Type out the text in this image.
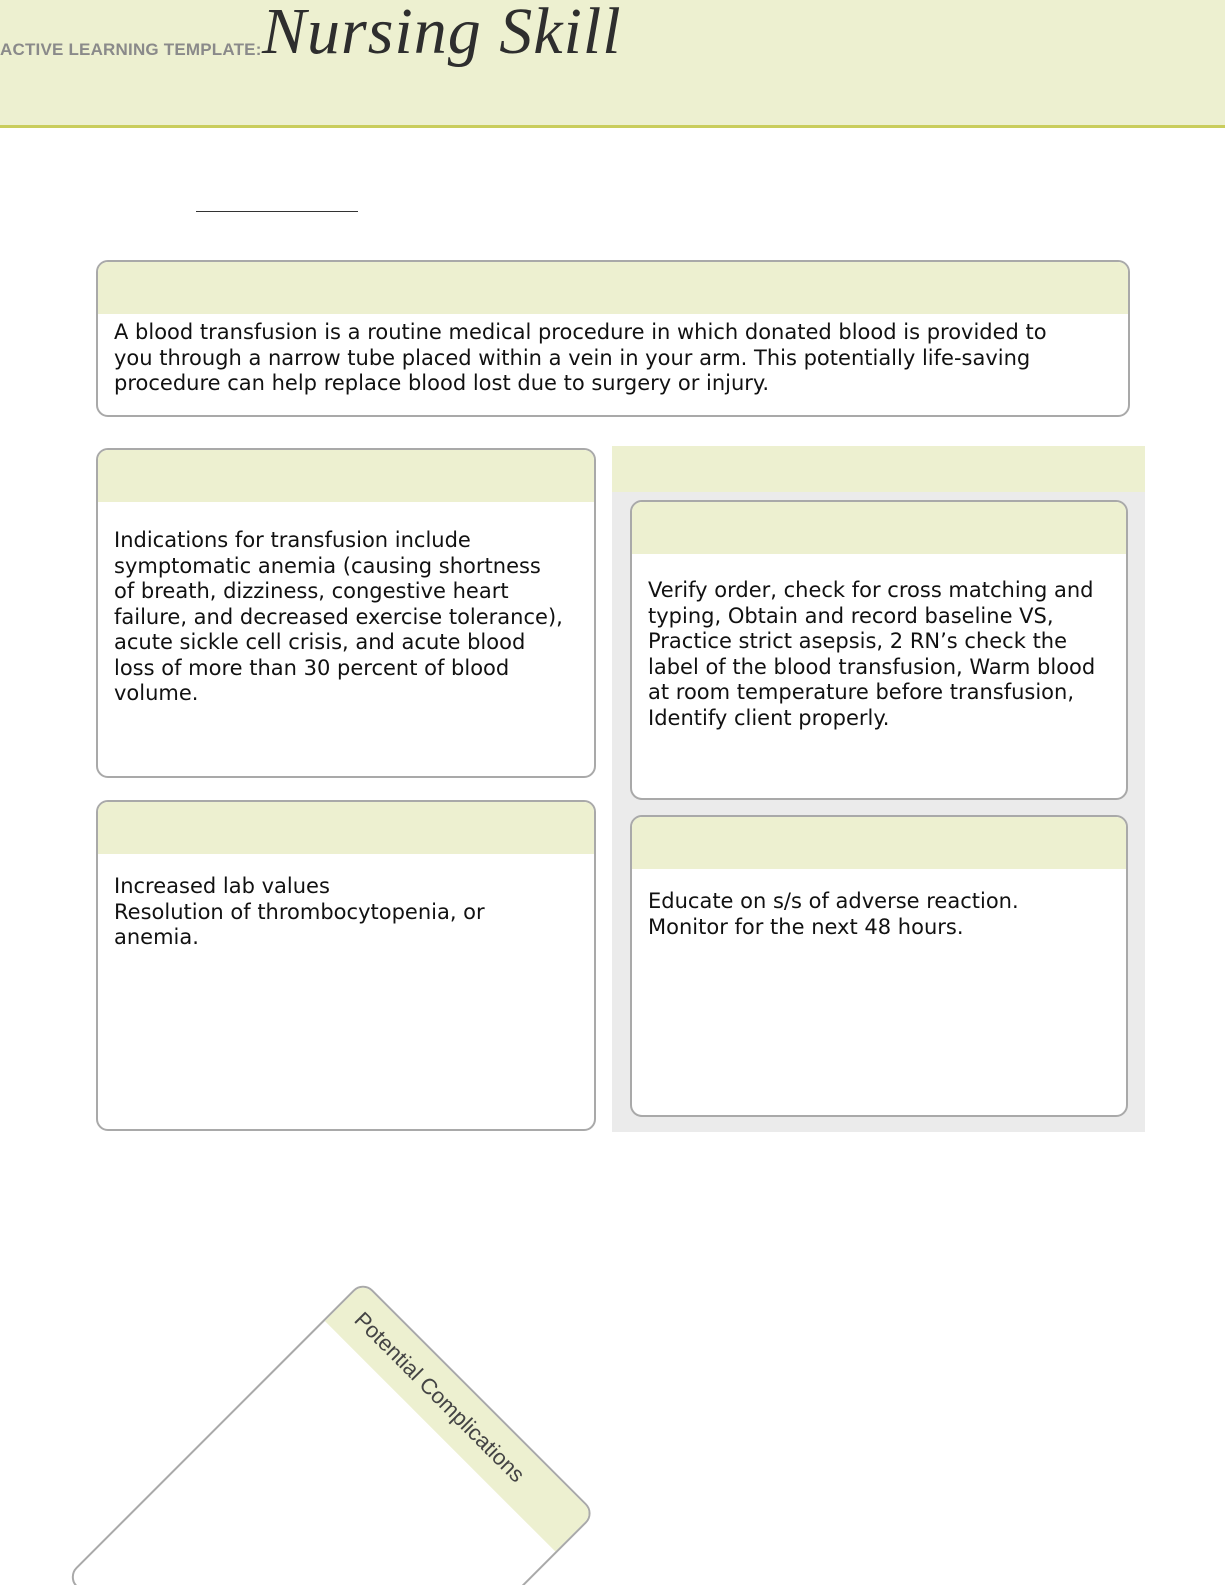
ACTIVE LEARNING TEMPLATE: Nursing Skill
A blood transfusion is a routine medical procedure in which donated blood is provided to you through a narrow tube placed within a vein in your arm. This potentially life-saving procedure can help replace blood lost due to surgery or injury.
Indications for transfusion include symptomatic anemia (causing shortness of breath, dizziness, congestive heart failure, and decreased exercise tolerance), acute sickle cell crisis, and acute blood loss of more than 30 percent of blood volume.
Increased lab values
Resolution of thrombocytopenia, or anemia.
Verify order, check for cross matching and typing, Obtain and record baseline VS, Practice strict asepsis, 2 RN’s check the label of the blood transfusion, Warm blood at room temperature before transfusion, Identify client properly.
Educate on s/s of adverse reaction.
Monitor for the next 48 hours.
Potential Complications
